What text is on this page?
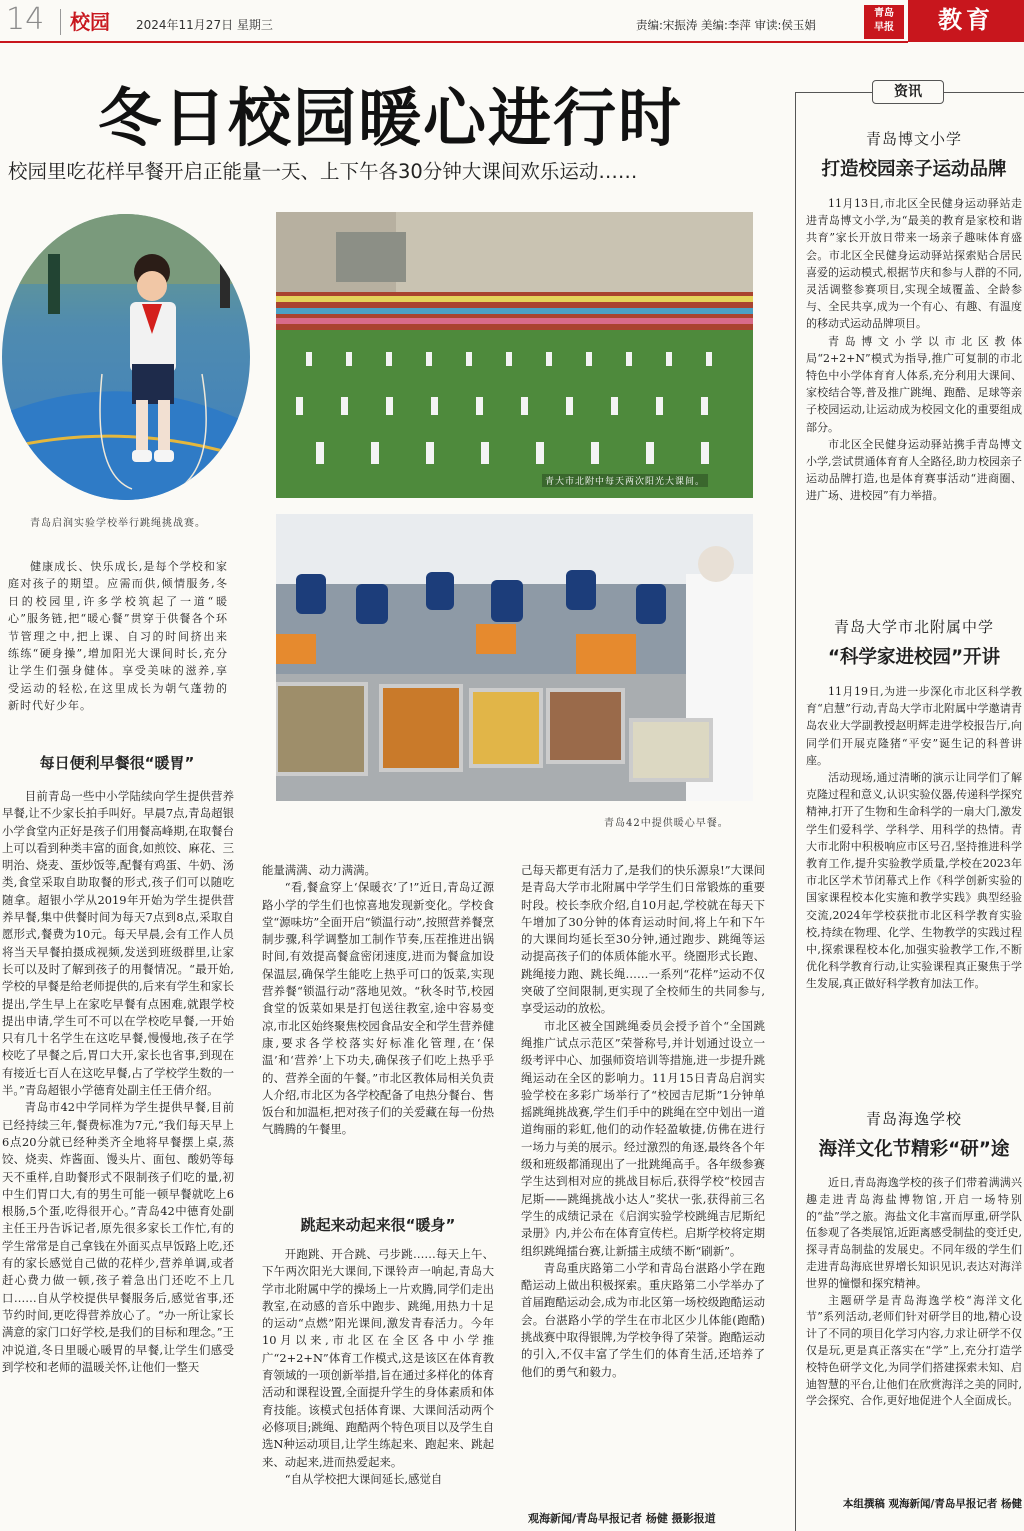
14 校园 2024年11月27日 星期三	责编:宋振涛 美编:李萍 审读:侯玉娟
青岛
早报	教育
冬日校园暖心进行时
校园里吃花样早餐开启正能量一天、上下午各30分钟大课间欢乐运动……
青岛启润实验学校举行跳绳挑战赛。
青大市北附中每天两次阳光大课间。
青岛42中提供暖心早餐。
健康成长、快乐成长,是每个学校和家庭对孩子的期望。应需而供,倾情服务,冬日的校园里,许多学校筑起了一道“暖心”服务链,把“暖心餐”贯穿于供餐各个环节管理之中,把上课、自习的时间挤出来练练“硬身操”,增加阳光大课间时长,充分让学生们强身健体。享受美味的滋养,享受运动的轻松,在这里成长为朝气蓬勃的新时代好少年。
每日便利早餐很“暖胃”

目前青岛一些中小学陆续向学生提供营养早餐,让不少家长拍手叫好。早晨7点,青岛超银小学食堂内正好是孩子们用餐高峰期,在取餐台上可以看到种类丰富的面食,如煎饺、麻花、三明治、烧麦、蛋炒饭等,配餐有鸡蛋、牛奶、汤类,食堂采取自助取餐的形式,孩子们可以随吃随拿。超银小学从2019年开始为学生提供营养早餐,集中供餐时间为每天7点到8点,采取自愿形式,餐费为10元。每天早晨,会有工作人员将当天早餐拍摄成视频,发送到班级群里,让家长可以及时了解到孩子的用餐情况。“最开始,学校的早餐是给老师提供的,后来有学生和家长提出,学生早上在家吃早餐有点困难,就跟学校提出申请,学生可不可以在学校吃早餐,一开始只有几十名学生在这吃早餐,慢慢地,孩子在学校吃了早餐之后,胃口大开,家长也省事,到现在有接近七百人在这吃早餐,占了学校学生数的一半。”青岛超银小学德育处副主任王倩介绍。

青岛市42中学同样为学生提供早餐,目前已经持续三年,餐费标准为7元,“我们每天早上6点20分就已经种类齐全地将早餐摆上桌,蒸饺、烧卖、炸酱面、馒头片、面包、酸奶等每天不重样,自助餐形式不限制孩子们吃的量,初中生们胃口大,有的男生可能一顿早餐就吃上6根肠,5个蛋,吃得很开心。”青岛42中德育处副主任王丹告诉记者,原先很多家长工作忙,有的学生常常是自己拿钱在外面买点早饭路上吃,还有的家长感觉自己做的花样少,营养单调,或者赶心费力做一顿,孩子着急出门还吃不上几口……自从学校提供早餐服务后,感觉省事,还节约时间,更吃得营养放心了。“办一所让家长满意的家门口好学校,是我们的目标和理念。”王冲说道,冬日里暖心暖胃的早餐,让学生们感受到学校和老师的温暖关怀,让他们一整天

能量满满、动力满满。

“看,餐盒穿上‘保暖衣’了!”近日,青岛辽源路小学的学生们也惊喜地发现新变化。学校食堂“源味坊”全面开启“锁温行动”,按照营养餐烹制步骤,科学调整加工制作节奏,压茬推进出锅时间,有效提高餐盒密闭速度,进而为餐盒加设保温层,确保学生能吃上热乎可口的饭菜,实现营养餐“锁温行动”落地见效。“秋冬时节,校园食堂的饭菜如果是打包送往教室,途中容易变凉,市北区始终聚焦校园食品安全和学生营养健康,要求各学校落实好标准化管理,在‘保温’和‘营养’上下功夫,确保孩子们吃上热乎乎的、营养全面的午餐。”市北区教体局相关负责人介绍,市北区为各学校配备了电热分餐台、售饭台和加温柜,把对孩子们的关爱藏在每一份热气腾腾的午餐里。

跳起来动起来很“暖身”

开跑跳、开合跳、弓步跳……每天上午、下午两次阳光大课间,下课铃声一响起,青岛大学市北附属中学的操场上一片欢腾,同学们走出教室,在动感的音乐中跑步、跳绳,用热力十足的运动“点燃”阳光课间,激发青春活力。今年10月以来,市北区在全区各中小学推广“2+2+N”体育工作模式,这是该区在体育教育领域的一项创新举措,旨在通过多样化的体育活动和课程设置,全面提升学生的身体素质和体育技能。该模式包括体育课、大课间活动两个必修项目;跳绳、跑酷两个特色项目以及学生自选N种运动项目,让学生练起来、跑起来、跳起来、动起来,进而热爱起来。

“自从学校把大课间延长,感觉自

己每天都更有活力了,是我们的快乐源泉!”大课间是青岛大学市北附属中学学生们日常锻炼的重要时段。校长李欣介绍,自10月起,学校就在每天下午增加了30分钟的体育运动时间,将上午和下午的大课间均延长至30分钟,通过跑步、跳绳等运动提高孩子们的体质体能水平。绕圈形式长跑、跳绳接力跑、跳长绳……一系列“花样”运动不仅突破了空间限制,更实现了全校师生的共同参与,享受运动的放松。

市北区被全国跳绳委员会授予首个“全国跳绳推广试点示范区”荣誉称号,并计划通过设立一级考评中心、加强师资培训等措施,进一步提升跳绳运动在全区的影响力。11月15日青岛启润实验学校在多彩广场举行了“校园吉尼斯”1分钟单摇跳绳挑战赛,学生们手中的跳绳在空中划出一道道绚丽的彩虹,他们的动作轻盈敏捷,仿佛在进行一场力与美的展示。经过激烈的角逐,最终各个年级和班级都涌现出了一批跳绳高手。各年级参赛学生达到相对应的挑战目标后,获得学校“校园吉尼斯——跳绳挑战小达人”奖状一张,获得前三名学生的成绩记录在《启润实验学校跳绳吉尼斯纪录册》内,并公布在体育宣传栏。启斯学校将定期组织跳绳擂台赛,让新擂主成绩不断“刷新”。

青岛重庆路第二小学和青岛台湛路小学在跑酷运动上做出积极探索。重庆路第二小学举办了首届跑酷运动会,成为市北区第一场校级跑酷运动会。台湛路小学的学生在市北区少儿体能(跑酷)挑战赛中取得银牌,为学校争得了荣誉。跑酷运动的引入,不仅丰富了学生们的体育生活,还培养了他们的勇气和毅力。

观海新闻/青岛早报记者 杨健 摄影报道
资讯
青岛博文小学
打造校园亲子运动品牌

11月13日,市北区全民健身运动驿站走进青岛博文小学,为“最美的教育是家校和谐共育”家长开放日带来一场亲子趣味体育盛会。市北区全民健身运动驿站探索贴合居民喜爱的运动模式,根据节庆和参与人群的不同,灵活调整参赛项目,实现全域覆盖、全龄参与、全民共享,成为一个有心、有趣、有温度的移动式运动品牌项目。

青岛博文小学以市北区教体局“2+2+N”模式为指导,推广可复制的市北特色中小学体育育人体系,充分利用大课间、家校结合等,普及推广跳绳、跑酷、足球等亲子校园运动,让运动成为校园文化的重要组成部分。

市北区全民健身运动驿站携手青岛博文小学,尝试贯通体育育人全路径,助力校园亲子运动品牌打造,也是体育赛事活动“进商圈、进广场、进校园”有力举措。

青岛大学市北附属中学
“科学家进校园”开讲

11月19日,为进一步深化市北区科学教育“启慧”行动,青岛大学市北附属中学邀请青岛农业大学副教授赵明辉走进学校报告厅,向同学们开展克隆猪“平安”诞生记的科普讲座。

活动现场,通过清晰的演示让同学们了解克隆过程和意义,认识实验仪器,传递科学探究精神,打开了生物和生命科学的一扇大门,激发学生们爱科学、学科学、用科学的热情。青大市北附中积极响应市区号召,坚持推进科学教育工作,提升实验教学质量,学校在2023年市北区学术节闭幕式上作《科学创新实验的国家课程校本化实施和教学实践》典型经验交流,2024年学校获批市北区科学教育实验校,持续在物理、化学、生物教学的实践过程中,探索课程校本化,加强实验教学工作,不断优化科学教育行动,让实验课程真正聚焦于学生发展,真正做好科学教育加法工作。

青岛海逸学校
海洋文化节精彩“研”途

近日,青岛海逸学校的孩子们带着满满兴趣走进青岛海盐博物馆,开启一场特别的“盐”学之旅。海盐文化丰富而厚重,研学队伍参观了各类展馆,近距离感受制盐的变迁史,探寻青岛制盐的发展史。不同年级的学生们走进青岛海底世界增长知识见识,表达对海洋世界的憧憬和探究精神。

主题研学是青岛海逸学校“海洋文化节”系列活动,老师们针对研学目的地,精心设计了不同的项目化学习内容,力求让研学不仅仅是玩,更是真正落实在“学”上,充分打造学校特色研学文化,为同学们搭建探索未知、启迪智慧的平台,让他们在欣赏海洋之美的同时,学会探究、合作,更好地促进个人全面成长。

本组撰稿 观海新闻/青岛早报记者 杨健
